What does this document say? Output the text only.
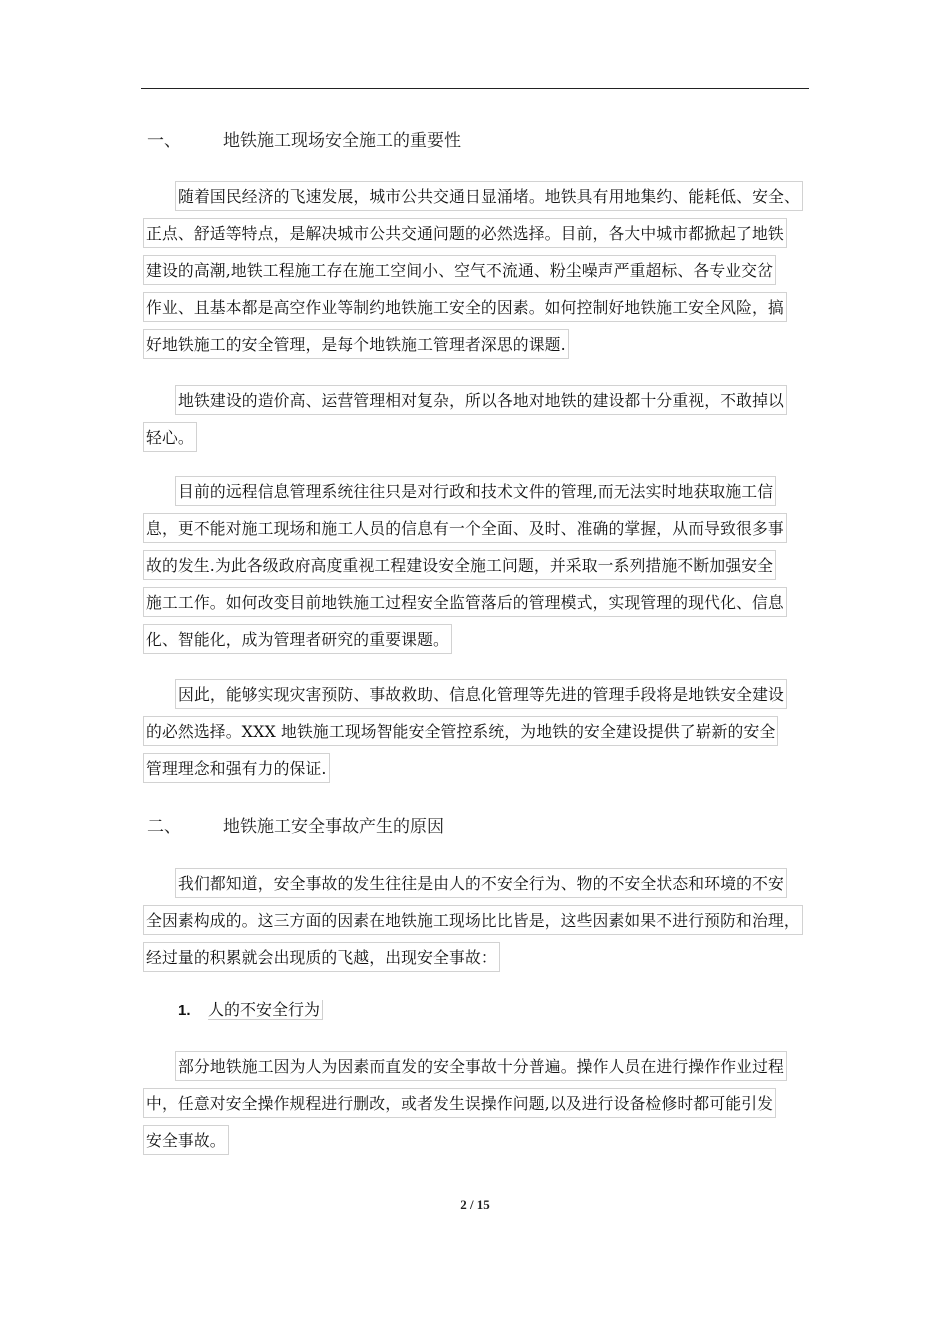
一、 地铁施工现场安全施工的重要性
随着国民经济的飞速发展，城市公共交通日显涌堵。地铁具有用地集约、能耗低、安全、
正点、舒适等特点，是解决城市公共交通问题的必然选择。目前，各大中城市都掀起了地铁
建设的高潮,地铁工程施工存在施工空间小、空气不流通、粉尘噪声严重超标、各专业交岔
作业、且基本都是高空作业等制约地铁施工安全的因素。如何控制好地铁施工安全风险，搞
好地铁施工的安全管理，是每个地铁施工管理者深思的课题.
地铁建设的造价高、运营管理相对复杂，所以各地对地铁的建设都十分重视，不敢掉以
轻心。
目前的远程信息管理系统往往只是对行政和技术文件的管理,而无法实时地获取施工信
息，更不能对施工现场和施工人员的信息有一个全面、及时、准确的掌握，从而导致很多事
故的发生.为此各级政府高度重视工程建设安全施工问题，并采取一系列措施不断加强安全
施工工作。如何改变目前地铁施工过程安全监管落后的管理模式，实现管理的现代化、信息
化、智能化，成为管理者研究的重要课题。
因此，能够实现灾害预防、事故救助、信息化管理等先进的管理手段将是地铁安全建设
的必然选择。XXX 地铁施工现场智能安全管控系统，为地铁的安全建设提供了崭新的安全
管理理念和强有力的保证.
二、 地铁施工安全事故产生的原因
我们都知道，安全事故的发生往往是由人的不安全行为、物的不安全状态和环境的不安
全因素构成的。这三方面的因素在地铁施工现场比比皆是，这些因素如果不进行预防和治理，
经过量的积累就会出现质的飞越，出现安全事故：
1. 人的不安全行为
部分地铁施工因为人为因素而直发的安全事故十分普遍。操作人员在进行操作作业过程
中，任意对安全操作规程进行删改，或者发生误操作问题,以及进行设备检修时都可能引发
安全事故。
2 / 15
